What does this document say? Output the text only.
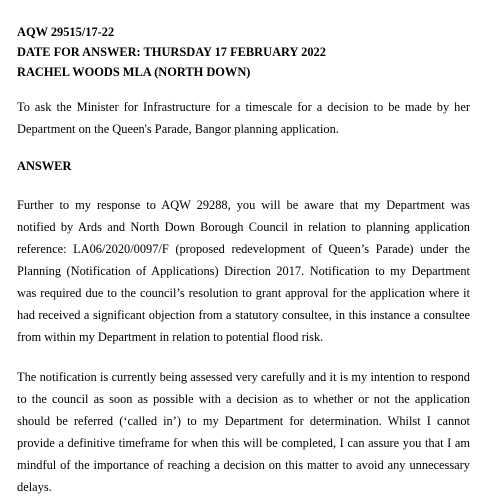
AQW 29515/17-22
DATE FOR ANSWER: THURSDAY 17 FEBRUARY 2022
RACHEL WOODS MLA (NORTH DOWN)

To ask the Minister for Infrastructure for a timescale for a decision to be made by her Department on the Queen's Parade, Bangor planning application.

ANSWER

Further to my response to AQW 29288, you will be aware that my Department was notified by Ards and North Down Borough Council in relation to planning application reference: LA06/2020/0097/F (proposed redevelopment of Queen’s Parade) under the Planning (Notification of Applications) Direction 2017. Notification to my Department was required due to the council’s resolution to grant approval for the application where it had received a significant objection from a statutory consultee, in this instance a consultee from within my Department in relation to potential flood risk.

The notification is currently being assessed very carefully and it is my intention to respond to the council as soon as possible with a decision as to whether or not the application should be referred (‘called in’) to my Department for determination. Whilst I cannot provide a definitive timeframe for when this will be completed, I can assure you that I am mindful of the importance of reaching a decision on this matter to avoid any unnecessary delays.
